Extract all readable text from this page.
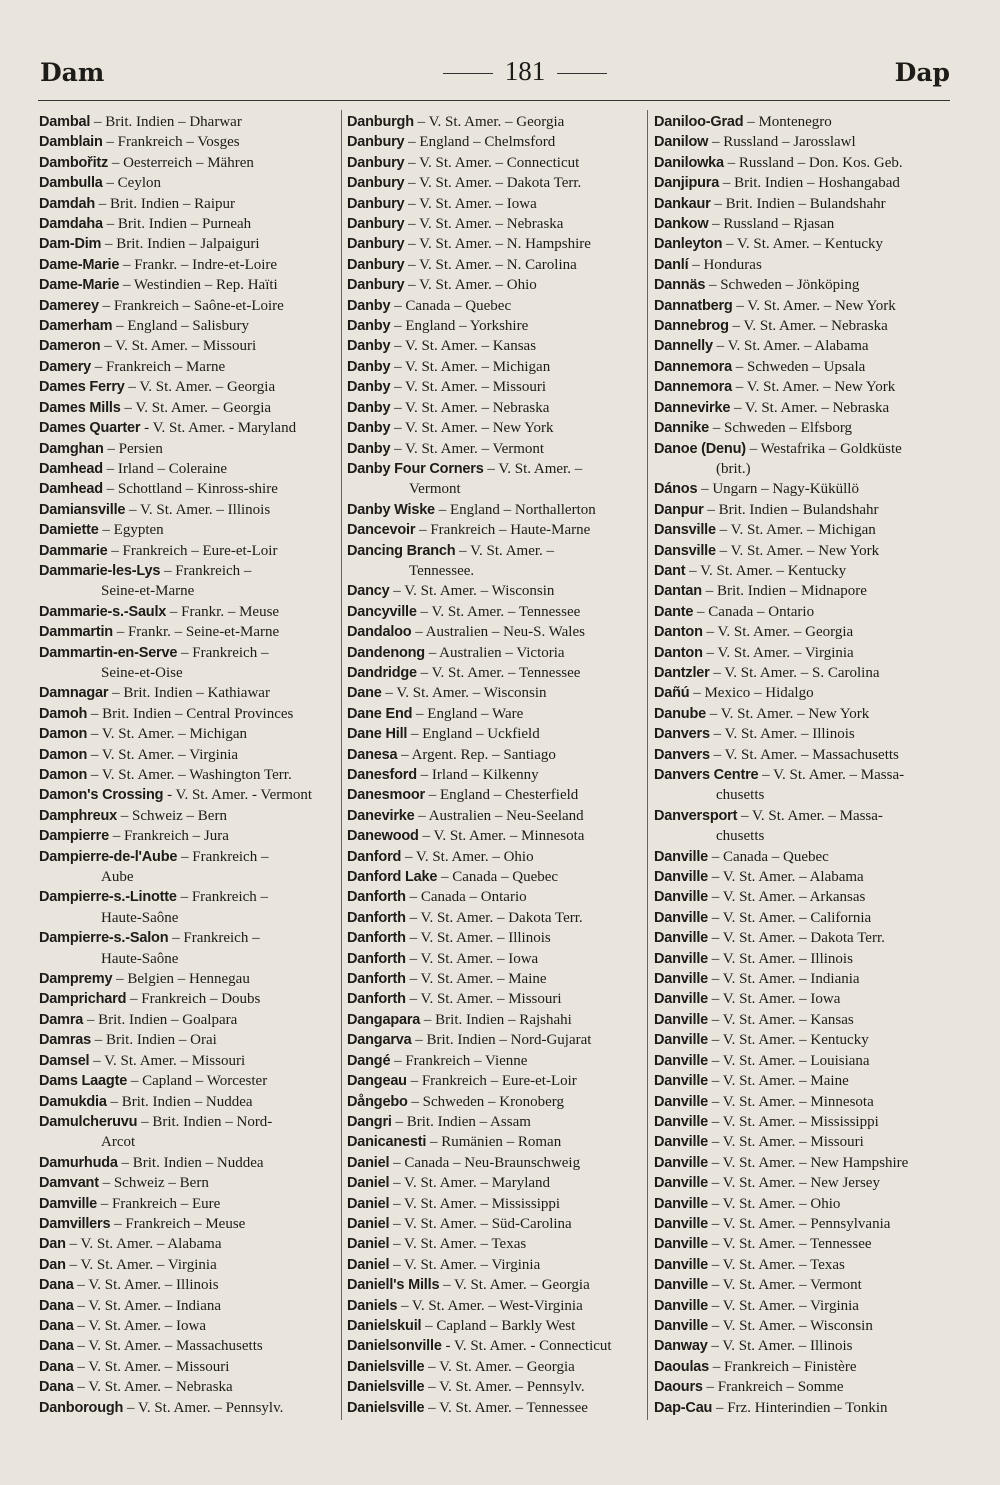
Dam	181	Dap
Dambal – Brit. Indien – Dharwar
Damblain – Frankreich – Vosges
Dambořitz – Oesterreich – Mähren
Dambulla – Ceylon
Damdah – Brit. Indien – Raipur
Damdaha – Brit. Indien – Purneah
Dam-Dim – Brit. Indien – Jalpaiguri
Dame-Marie – Frankr. – Indre-et-Loire
Dame-Marie – Westindien – Rep. Haïti
Damerey – Frankreich – Saône-et-Loire
Damerham – England – Salisbury
Dameron – V. St. Amer. – Missouri
Damery – Frankreich – Marne
Dames Ferry – V. St. Amer. – Georgia
Dames Mills – V. St. Amer. – Georgia
Dames Quarter - V. St. Amer. - Maryland
Damghan – Persien
Damhead – Irland – Coleraine
Damhead – Schottland – Kinross-shire
Damiansville – V. St. Amer. – Illinois
Damiette – Egypten
Dammarie – Frankreich – Eure-et-Loir
Dammarie-les-Lys – Frankreich –
Seine-et-Marne
Dammarie-s.-Saulx – Frankr. – Meuse
Dammartin – Frankr. – Seine-et-Marne
Dammartin-en-Serve – Frankreich –
Seine-et-Oise
Damnagar – Brit. Indien – Kathiawar
Damoh – Brit. Indien – Central Provinces
Damon – V. St. Amer. – Michigan
Damon – V. St. Amer. – Virginia
Damon – V. St. Amer. – Washington Terr.
Damon's Crossing - V. St. Amer. - Vermont
Damphreux – Schweiz – Bern
Dampierre – Frankreich – Jura
Dampierre-de-l'Aube – Frankreich –
Aube
Dampierre-s.-Linotte – Frankreich –
Haute-Saône
Dampierre-s.-Salon – Frankreich –
Haute-Saône
Dampremy – Belgien – Hennegau
Damprichard – Frankreich – Doubs
Damra – Brit. Indien – Goalpara
Damras – Brit. Indien – Orai
Damsel – V. St. Amer. – Missouri
Dams Laagte – Capland – Worcester
Damukdia – Brit. Indien – Nuddea
Damulcheruvu – Brit. Indien – Nord-
Arcot
Damurhuda – Brit. Indien – Nuddea
Damvant – Schweiz – Bern
Damville – Frankreich – Eure
Damvillers – Frankreich – Meuse
Dan – V. St. Amer. – Alabama
Dan – V. St. Amer. – Virginia
Dana – V. St. Amer. – Illinois
Dana – V. St. Amer. – Indiana
Dana – V. St. Amer. – Iowa
Dana – V. St. Amer. – Massachusetts
Dana – V. St. Amer. – Missouri
Dana – V. St. Amer. – Nebraska
Danborough – V. St. Amer. – Pennsylv.
Danburgh – V. St. Amer. – Georgia
Danbury – England – Chelmsford
Danbury – V. St. Amer. – Connecticut
Danbury – V. St. Amer. – Dakota Terr.
Danbury – V. St. Amer. – Iowa
Danbury – V. St. Amer. – Nebraska
Danbury – V. St. Amer. – N. Hampshire
Danbury – V. St. Amer. – N. Carolina
Danbury – V. St. Amer. – Ohio
Danby – Canada – Quebec
Danby – England – Yorkshire
Danby – V. St. Amer. – Kansas
Danby – V. St. Amer. – Michigan
Danby – V. St. Amer. – Missouri
Danby – V. St. Amer. – Nebraska
Danby – V. St. Amer. – New York
Danby – V. St. Amer. – Vermont
Danby Four Corners – V. St. Amer. –
Vermont
Danby Wiske – England – Northallerton
Dancevoir – Frankreich – Haute-Marne
Dancing Branch – V. St. Amer. –
Tennessee.
Dancy – V. St. Amer. – Wisconsin
Dancyville – V. St. Amer. – Tennessee
Dandaloo – Australien – Neu-S. Wales
Dandenong – Australien – Victoria
Dandridge – V. St. Amer. – Tennessee
Dane – V. St. Amer. – Wisconsin
Dane End – England – Ware
Dane Hill – England – Uckfield
Danesa – Argent. Rep. – Santiago
Danesford – Irland – Kilkenny
Danesmoor – England – Chesterfield
Danevirke – Australien – Neu-Seeland
Danewood – V. St. Amer. – Minnesota
Danford – V. St. Amer. – Ohio
Danford Lake – Canada – Quebec
Danforth – Canada – Ontario
Danforth – V. St. Amer. – Dakota Terr.
Danforth – V. St. Amer. – Illinois
Danforth – V. St. Amer. – Iowa
Danforth – V. St. Amer. – Maine
Danforth – V. St. Amer. – Missouri
Dangapara – Brit. Indien – Rajshahi
Dangarva – Brit. Indien – Nord-Gujarat
Dangé – Frankreich – Vienne
Dangeau – Frankreich – Eure-et-Loir
Dångebo – Schweden – Kronoberg
Dangri – Brit. Indien – Assam
Danicanesti – Rumänien – Roman
Daniel – Canada – Neu-Braunschweig
Daniel – V. St. Amer. – Maryland
Daniel – V. St. Amer. – Mississippi
Daniel – V. St. Amer. – Süd-Carolina
Daniel – V. St. Amer. – Texas
Daniel – V. St. Amer. – Virginia
Daniell's Mills – V. St. Amer. – Georgia
Daniels – V. St. Amer. – West-Virginia
Danielskuil – Capland – Barkly West
Danielsonville - V. St. Amer. - Connecticut
Danielsville – V. St. Amer. – Georgia
Danielsville – V. St. Amer. – Pennsylv.
Danielsville – V. St. Amer. – Tennessee
Daniloo-Grad – Montenegro
Danilow – Russland – Jarosslawl
Danilowka – Russland – Don. Kos. Geb.
Danjipura – Brit. Indien – Hoshangabad
Dankaur – Brit. Indien – Bulandshahr
Dankow – Russland – Rjasan
Danleyton – V. St. Amer. – Kentucky
Danlí – Honduras
Dannäs – Schweden – Jönköping
Dannatberg – V. St. Amer. – New York
Dannebrog – V. St. Amer. – Nebraska
Dannelly – V. St. Amer. – Alabama
Dannemora – Schweden – Upsala
Dannemora – V. St. Amer. – New York
Dannevirke – V. St. Amer. – Nebraska
Dannike – Schweden – Elfsborg
Danoe (Denu) – Westafrika – Goldküste
(brit.)
Dános – Ungarn – Nagy-Küküllö
Danpur – Brit. Indien – Bulandshahr
Dansville – V. St. Amer. – Michigan
Dansville – V. St. Amer. – New York
Dant – V. St. Amer. – Kentucky
Dantan – Brit. Indien – Midnapore
Dante – Canada – Ontario
Danton – V. St. Amer. – Georgia
Danton – V. St. Amer. – Virginia
Dantzler – V. St. Amer. – S. Carolina
Dañú – Mexico – Hidalgo
Danube – V. St. Amer. – New York
Danvers – V. St. Amer. – Illinois
Danvers – V. St. Amer. – Massachusetts
Danvers Centre – V. St. Amer. – Massa-
chusetts
Danversport – V. St. Amer. – Massa-
chusetts
Danville – Canada – Quebec
Danville – V. St. Amer. – Alabama
Danville – V. St. Amer. – Arkansas
Danville – V. St. Amer. – California
Danville – V. St. Amer. – Dakota Terr.
Danville – V. St. Amer. – Illinois
Danville – V. St. Amer. – Indiania
Danville – V. St. Amer. – Iowa
Danville – V. St. Amer. – Kansas
Danville – V. St. Amer. – Kentucky
Danville – V. St. Amer. – Louisiana
Danville – V. St. Amer. – Maine
Danville – V. St. Amer. – Minnesota
Danville – V. St. Amer. – Mississippi
Danville – V. St. Amer. – Missouri
Danville – V. St. Amer. – New Hampshire
Danville – V. St. Amer. – New Jersey
Danville – V. St. Amer. – Ohio
Danville – V. St. Amer. – Pennsylvania
Danville – V. St. Amer. – Tennessee
Danville – V. St. Amer. – Texas
Danville – V. St. Amer. – Vermont
Danville – V. St. Amer. – Virginia
Danville – V. St. Amer. – Wisconsin
Danway – V. St. Amer. – Illinois
Daoulas – Frankreich – Finistère
Daours – Frankreich – Somme
Dap-Cau – Frz. Hinterindien – Tonkin
